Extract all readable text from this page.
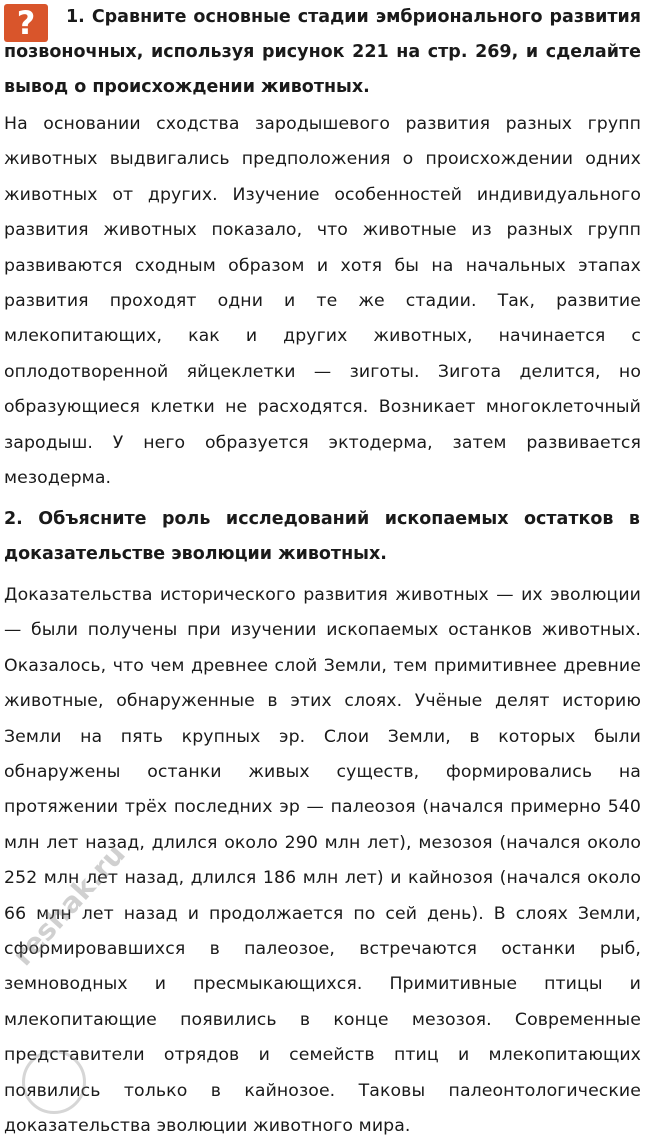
?	1. Сравните основные стадии эмбрионального развития позвоночных, используя рисунок 221 на стр. 269, и сделайте вывод о происхождении животных.

На основании сходства зародышевого развития разных групп животных выдвигались предположения о происхождении одних животных от других. Изучение особенностей индивидуального развития животных показало, что животные из разных групп развиваются сходным образом и хотя бы на начальных этапах развития проходят одни и те же стадии. Так, развитие млекопитающих, как и других животных, начинается с оплодотворенной яйцеклетки — зиготы. Зигота делится, но образующиеся клетки не расходятся. Возникает многоклеточный зародыш. У него образуется эктодерма, затем развивается мезодерма.

2. Объясните роль исследований ископаемых остатков в доказательстве эволюции животных.

Доказательства исторического развития животных — их эволюции — были получены при изучении ископаемых останков животных. Оказалось, что чем древнее слой Земли, тем примитивнее древние животные, обнаруженные в этих слоях. Учёные делят историю Земли на пять крупных эр. Слои Земли, в которых были обнаружены останки живых существ, формировались на протяжении трёх последних эр — палеозоя (начался примерно 540 млн лет назад, длился около 290 млн лет), мезозоя (начался около 252 млн лет назад, длился 186 млн лет) и кайнозоя (начался около 66 млн лет назад и продолжается по сей день). В слоях Земли, сформировавшихся в палеозое, встречаются останки рыб, земноводных и пресмыкающихся. Примитивные птицы и млекопитающие появились в конце мезозоя. Современные представители отрядов и семейств птиц и млекопитающих появились только в кайнозое. Таковы палеонтологические доказательства эволюции животного мира.

reshak.ru
